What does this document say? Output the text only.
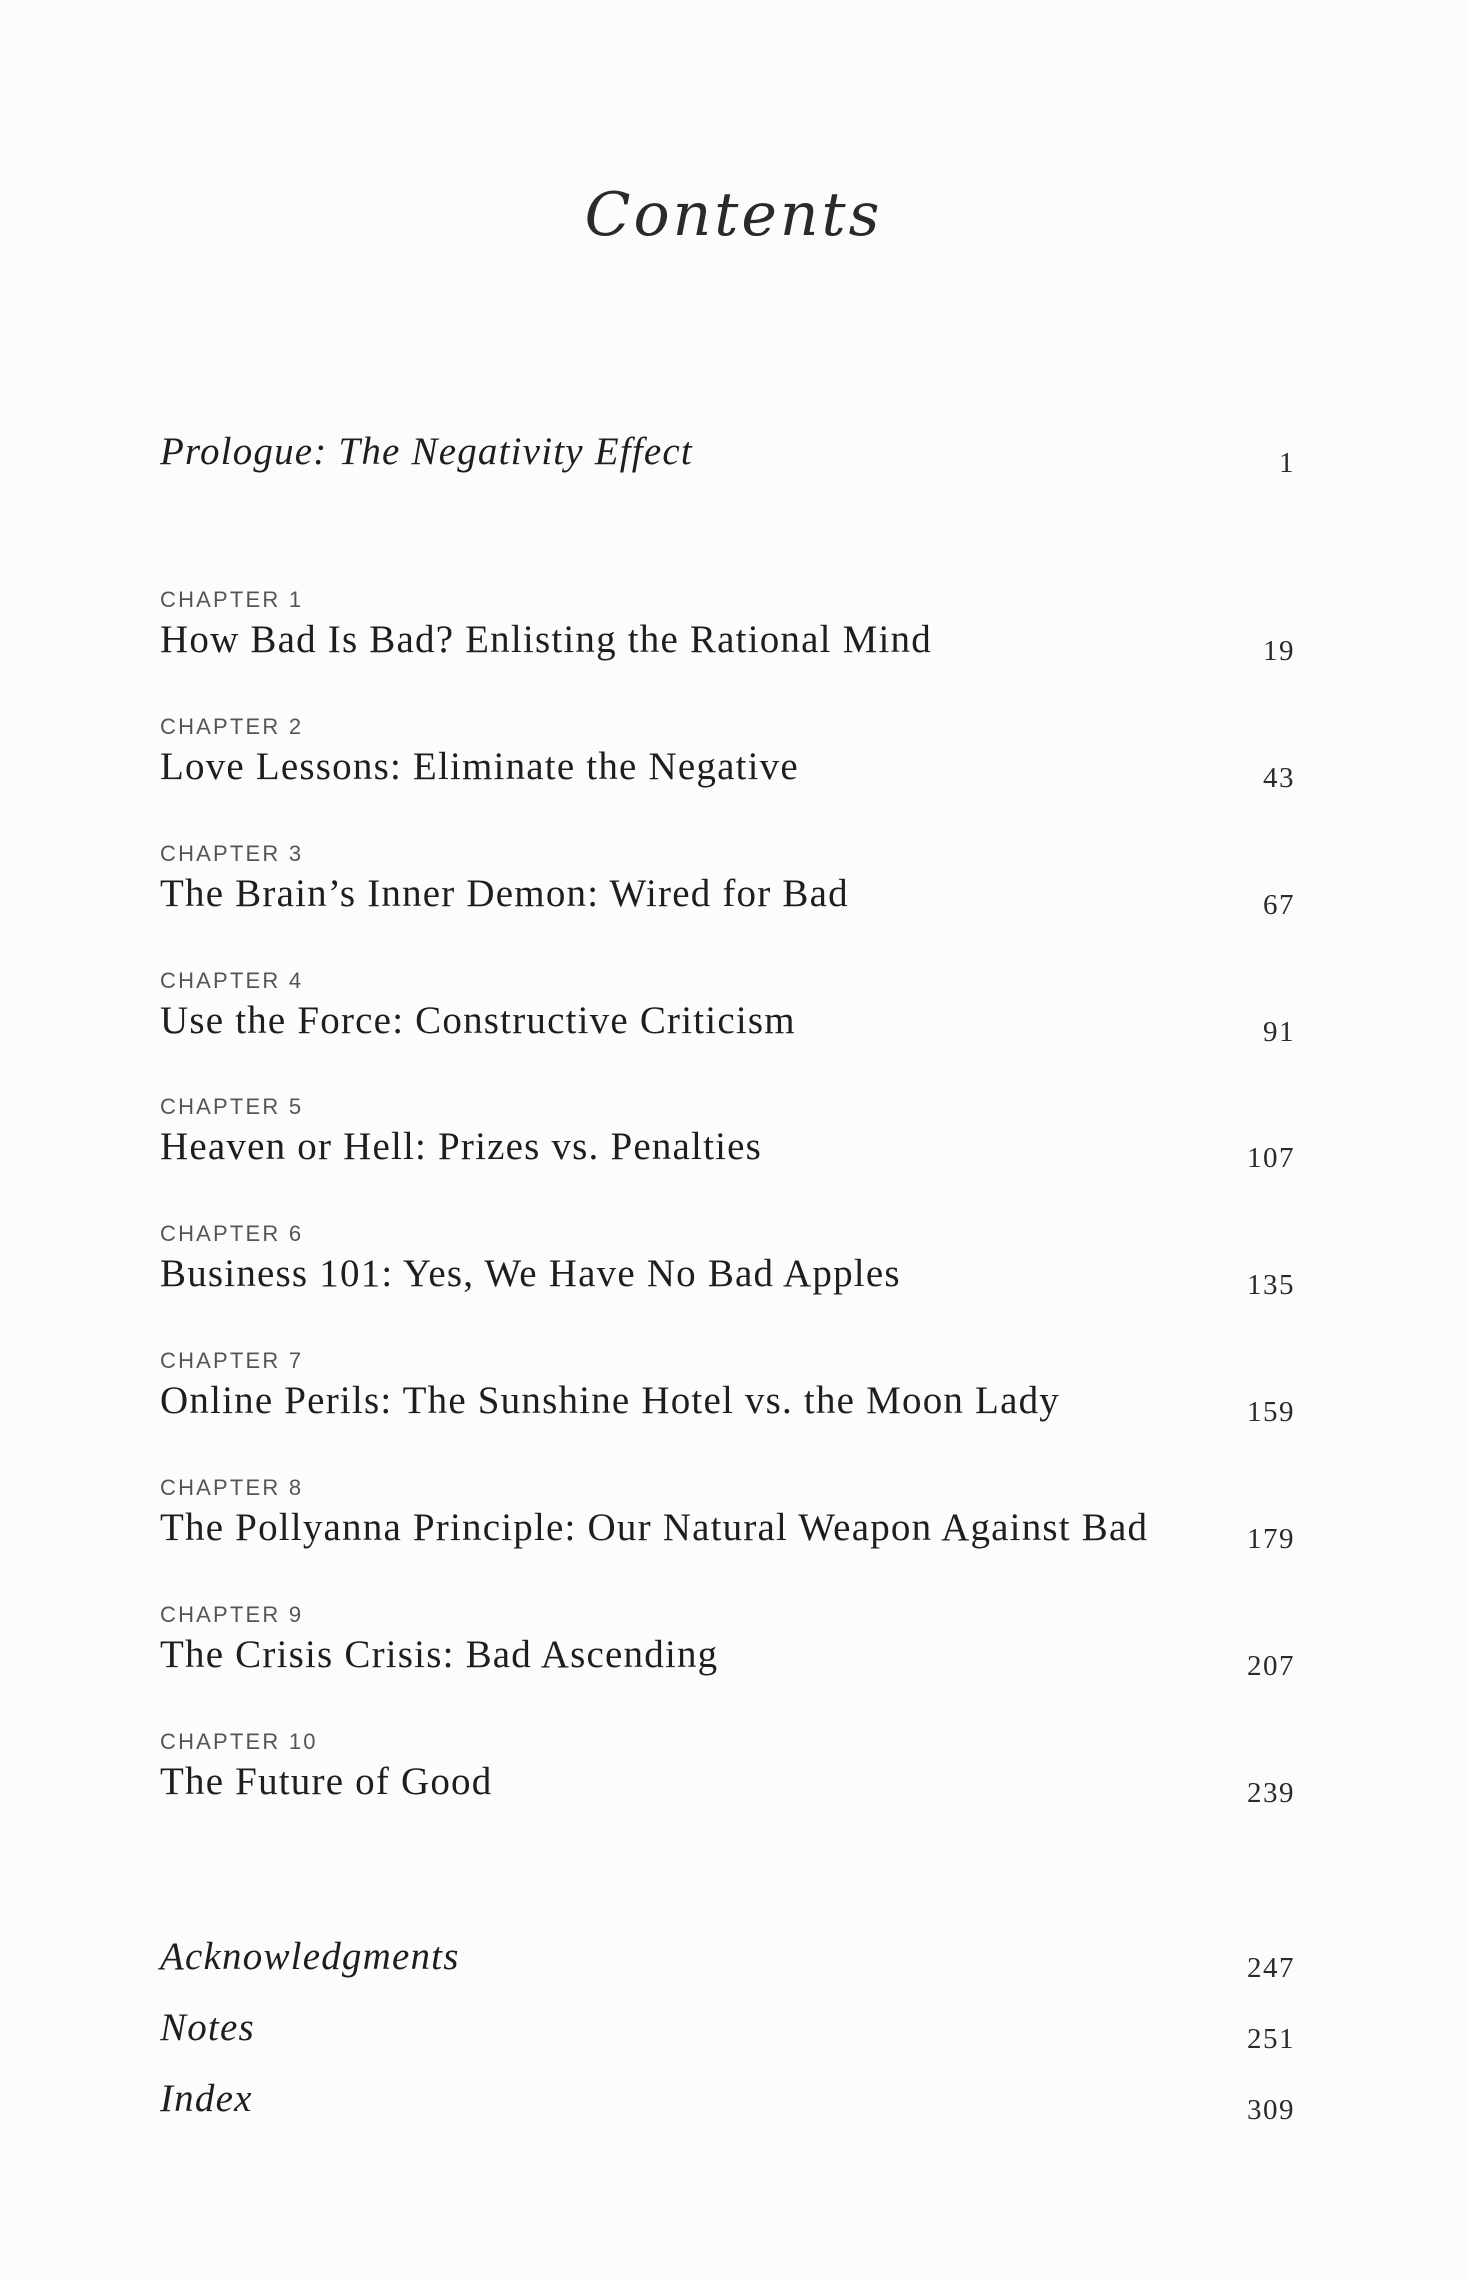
Contents
Prologue: The Negativity Effect	1
CHAPTER 1
How Bad Is Bad? Enlisting the Rational Mind	19
CHAPTER 2
Love Lessons: Eliminate the Negative	43
CHAPTER 3
The Brain’s Inner Demon: Wired for Bad	67
CHAPTER 4
Use the Force: Constructive Criticism	91
CHAPTER 5
Heaven or Hell: Prizes vs. Penalties	107
CHAPTER 6
Business 101: Yes, We Have No Bad Apples	135
CHAPTER 7
Online Perils: The Sunshine Hotel vs. the Moon Lady	159
CHAPTER 8
The Pollyanna Principle: Our Natural Weapon Against Bad	179
CHAPTER 9
The Crisis Crisis: Bad Ascending	207
CHAPTER 10
The Future of Good	239
Acknowledgments	247
Notes	251
Index	309
